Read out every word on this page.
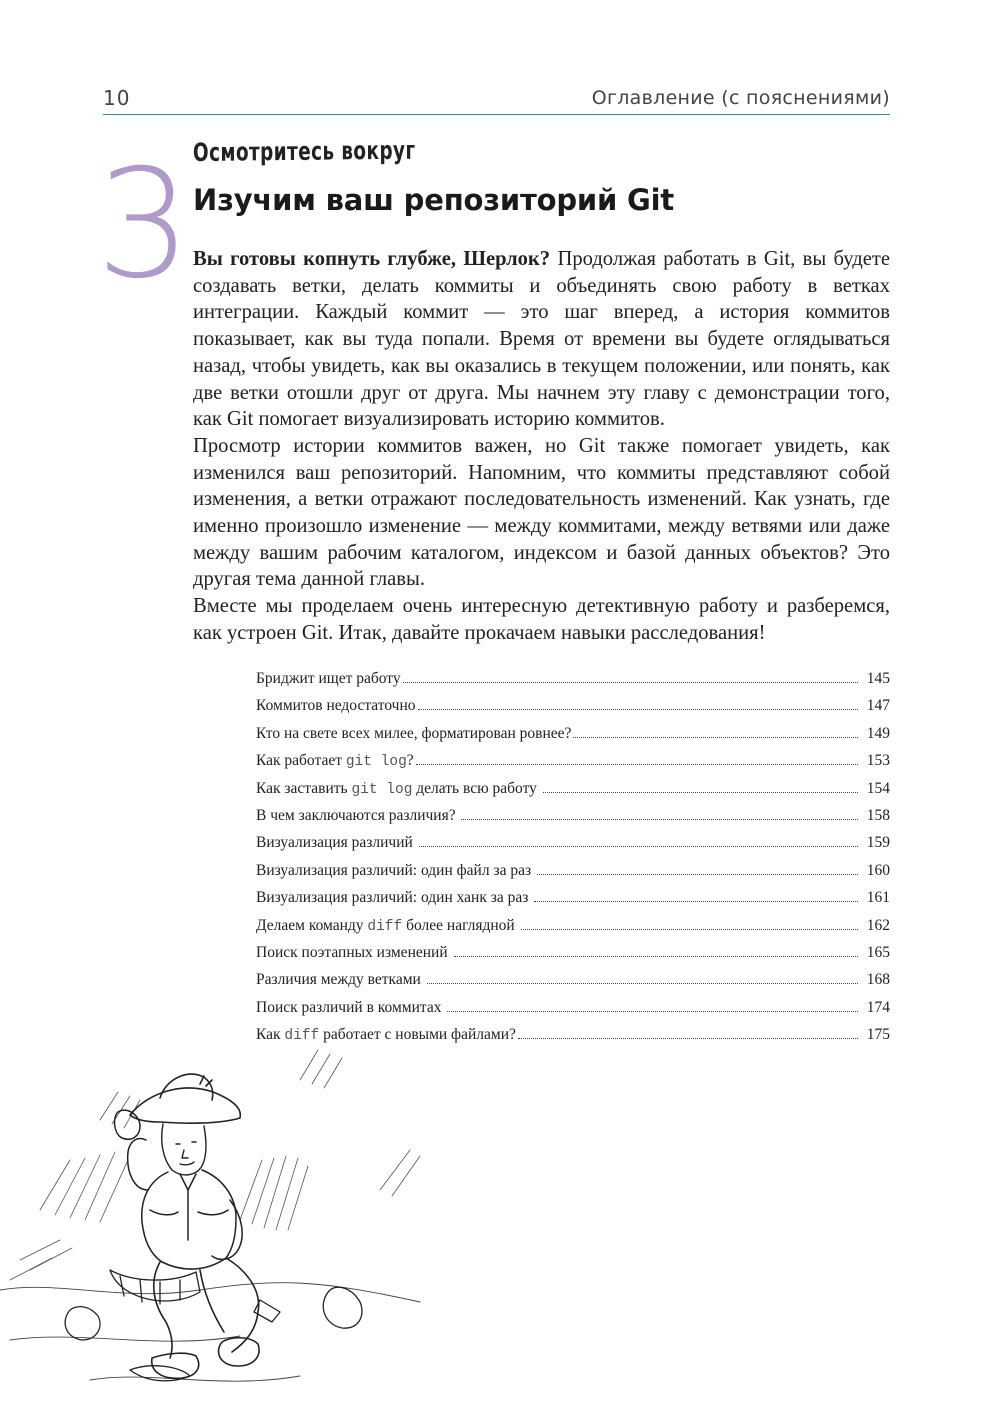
10	Оглавление (с пояснениями)
3 Осмотритесь вокруг
Изучим ваш репозиторий Git

Вы готовы копнуть глубже, Шерлок? Продолжая работать в Git, вы будете создавать ветки, делать коммиты и объединять свою работу в ветках интеграции. Каждый коммит — это шаг вперед, а история коммитов показывает, как вы туда попали. Время от времени вы будете оглядываться назад, чтобы увидеть, как вы оказались в текущем положении, или понять, как две ветки отошли друг от друга. Мы начнем эту главу с демонстрации того, как Git помогает визуализировать историю коммитов.

Просмотр истории коммитов важен, но Git также помогает увидеть, как изменился ваш репозиторий. Напомним, что коммиты представляют собой изменения, а ветки отражают последовательность изменений. Как узнать, где именно произошло изменение — между коммитами, между ветвями или даже между вашим рабочим каталогом, индексом и базой данных объектов? Это другая тема данной главы.

Вместе мы проделаем очень интересную детективную работу и разберемся, как устроен Git. Итак, давайте прокачаем навыки расследования!

Бриджит ищет работу	145
Коммитов недостаточно	147
Кто на свете всех милее, форматирован ровнее?	149
Как работает git log?	153
Как заставить git log делать всю работу	154
В чем заключаются различия?	158
Визуализация различий	159
Визуализация различий: один файл за раз	160
Визуализация различий: один ханк за раз	161
Делаем команду diff более наглядной	162
Поиск поэтапных изменений	165
Различия между ветками	168
Поиск различий в коммитах	174
Как diff работает с новыми файлами?	175
